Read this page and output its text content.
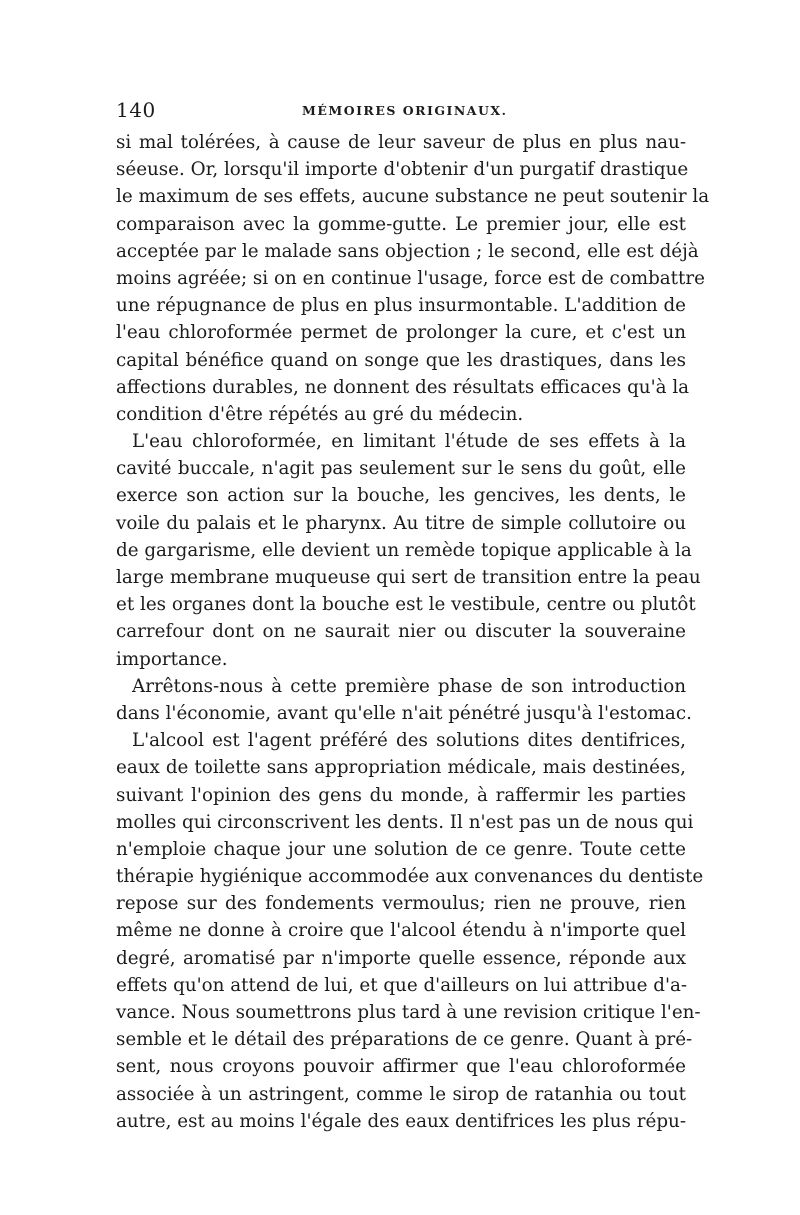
140	MÉMOIRES ORIGINAUX.
si mal tolérées, à cause de leur saveur de plus en plus nau-
séeuse. Or, lorsqu'il importe d'obtenir d'un purgatif drastique
le maximum de ses effets, aucune substance ne peut soutenir la
comparaison avec la gomme-gutte. Le premier jour, elle est
acceptée par le malade sans objection ; le second, elle est déjà
moins agréée; si on en continue l'usage, force est de combattre
une répugnance de plus en plus insurmontable. L'addition de
l'eau chloroformée permet de prolonger la cure, et c'est un
capital bénéfice quand on songe que les drastiques, dans les
affections durables, ne donnent des résultats efficaces qu'à la
condition d'être répétés au gré du médecin.
L'eau chloroformée, en limitant l'étude de ses effets à la
cavité buccale, n'agit pas seulement sur le sens du goût, elle
exerce son action sur la bouche, les gencives, les dents, le
voile du palais et le pharynx. Au titre de simple collutoire ou
de gargarisme, elle devient un remède topique applicable à la
large membrane muqueuse qui sert de transition entre la peau
et les organes dont la bouche est le vestibule, centre ou plutôt
carrefour dont on ne saurait nier ou discuter la souveraine
importance.
Arrêtons-nous à cette première phase de son introduction
dans l'économie, avant qu'elle n'ait pénétré jusqu'à l'estomac.
L'alcool est l'agent préféré des solutions dites dentifrices,
eaux de toilette sans appropriation médicale, mais destinées,
suivant l'opinion des gens du monde, à raffermir les parties
molles qui circonscrivent les dents. Il n'est pas un de nous qui
n'emploie chaque jour une solution de ce genre. Toute cette
thérapie hygiénique accommodée aux convenances du dentiste
repose sur des fondements vermoulus; rien ne prouve, rien
même ne donne à croire que l'alcool étendu à n'importe quel
degré, aromatisé par n'importe quelle essence, réponde aux
effets qu'on attend de lui, et que d'ailleurs on lui attribue d'a-
vance. Nous soumettrons plus tard à une revision critique l'en-
semble et le détail des préparations de ce genre. Quant à pré-
sent, nous croyons pouvoir affirmer que l'eau chloroformée
associée à un astringent, comme le sirop de ratanhia ou tout
autre, est au moins l'égale des eaux dentifrices les plus répu-
